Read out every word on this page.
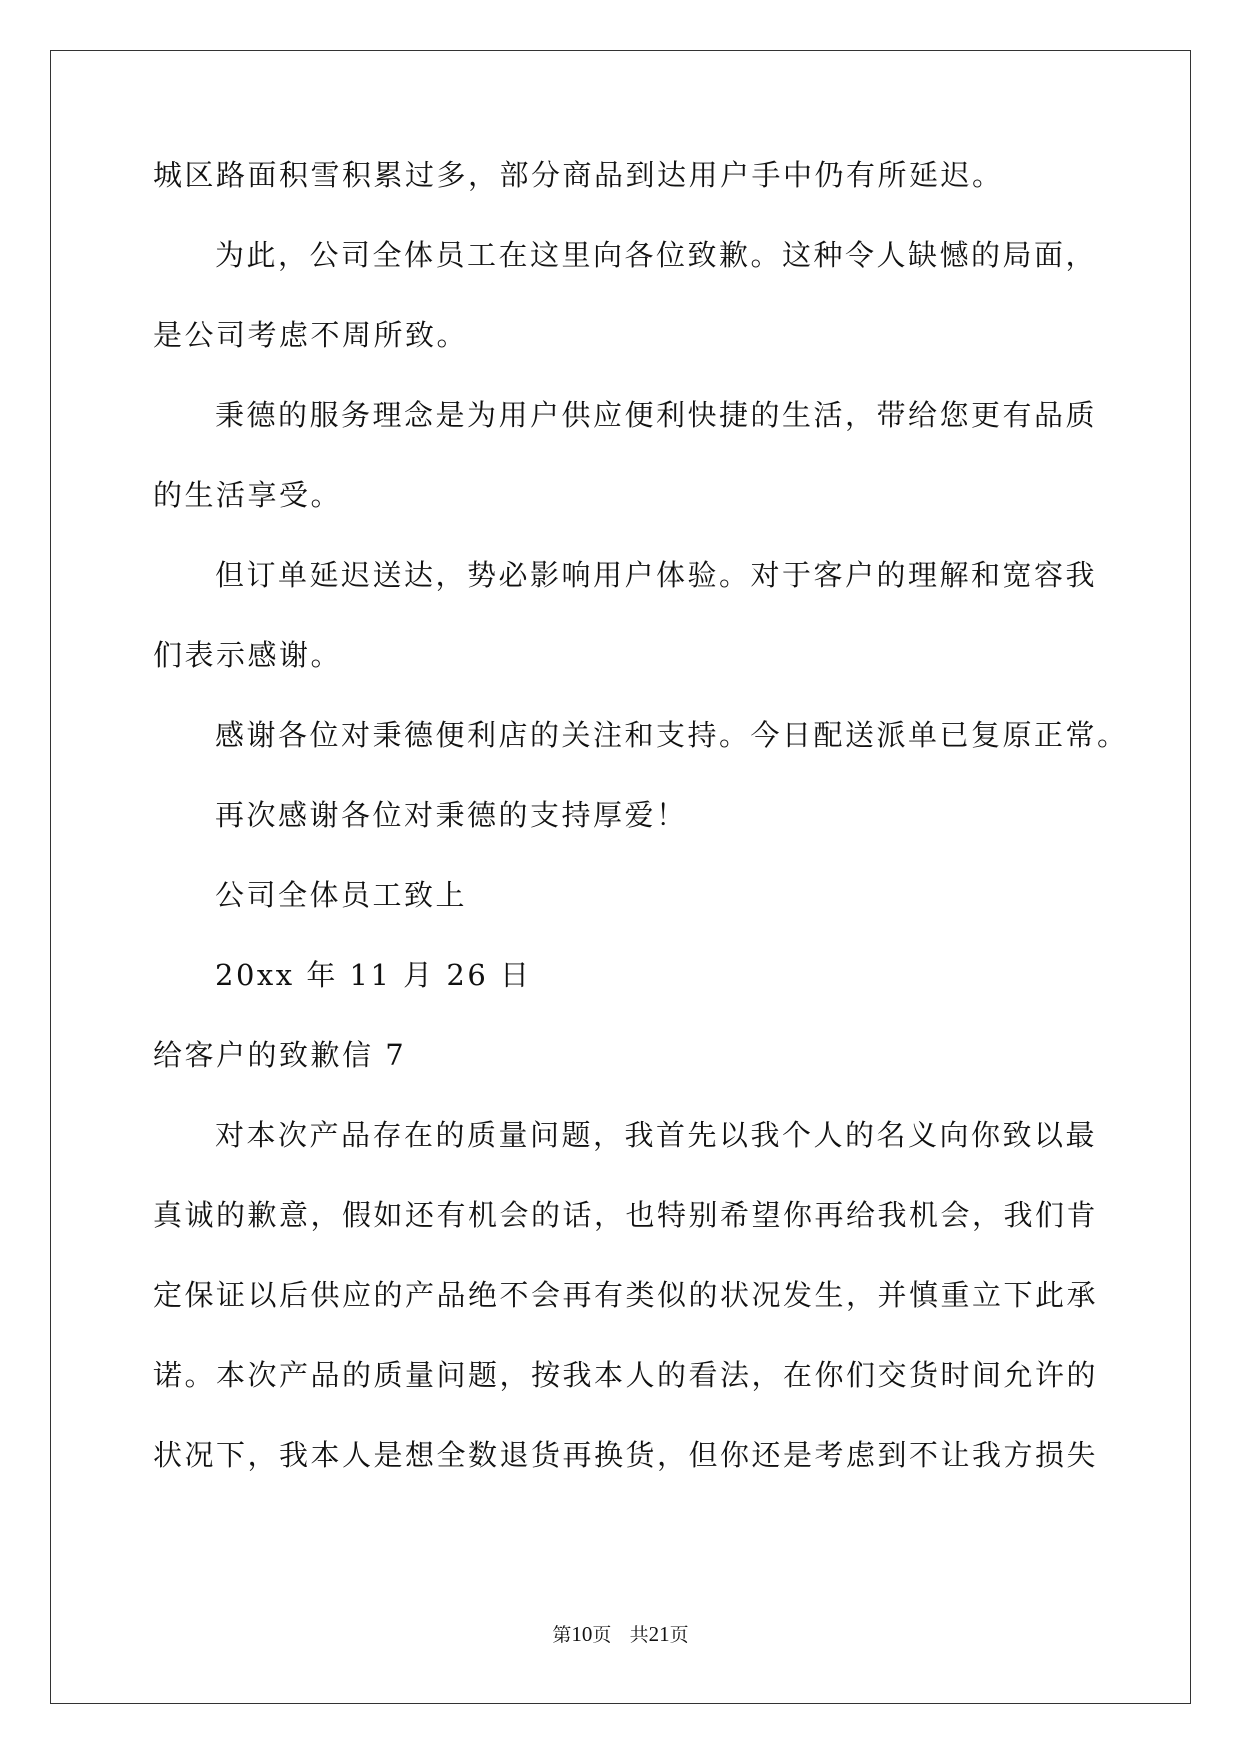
城区路面积雪积累过多，部分商品到达用户手中仍有所延迟。
为此，公司全体员工在这里向各位致歉。这种令人缺憾的局面，
是公司考虑不周所致。
秉德的服务理念是为用户供应便利快捷的生活，带给您更有品质
的生活享受。
但订单延迟送达，势必影响用户体验。对于客户的理解和宽容我
们表示感谢。
感谢各位对秉德便利店的关注和支持。今日配送派单已复原正常。
再次感谢各位对秉德的支持厚爱！
公司全体员工致上
20xx 年 11 月 26 日
给客户的致歉信 7
对本次产品存在的质量问题，我首先以我个人的名义向你致以最
真诚的歉意，假如还有机会的话，也特别希望你再给我机会，我们肯
定保证以后供应的产品绝不会再有类似的状况发生，并慎重立下此承
诺。本次产品的质量问题，按我本人的看法，在你们交货时间允许的
状况下，我本人是想全数退货再换货，但你还是考虑到不让我方损失
第10页 共21页
